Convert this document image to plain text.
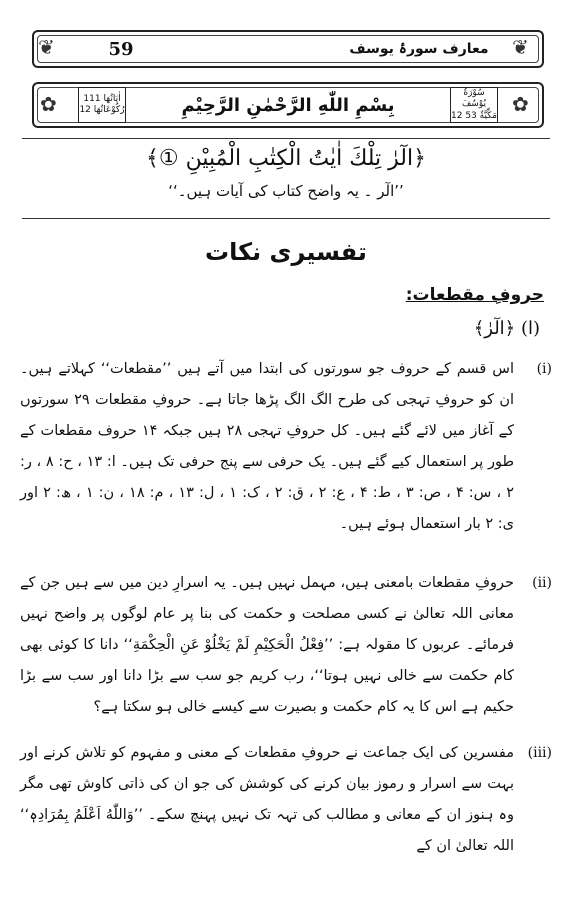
❦	❦
59	معارف سورۂ یوسف
✿	✿
اٰيَاتُهَا 111
رُكُوْعَاتُهَا 12	بِسْمِ اللّٰهِ الرَّحْمٰنِ الرَّحِيْمِ
سُوْرَةُ يُوْسُفَ
12 مَكِّيَّةٌ 53
﴿الٓرٰ تِلْكَ اٰيٰتُ الْكِتٰبِ الْمُبِيْنِ ①﴾
’’الٓر ۔ یہ واضح کتاب کی آیات ہیں۔‘‘
تفسیری نکات
حروفِ مقطعات:
(ا) ﴿الٓرٰ﴾
(i)
اس قسم کے حروف جو سورتوں کی ابتدا میں آتے ہیں ’’مقطعات‘‘ کہلاتے ہیں۔ ان کو حروفِ تہجی کی طرح الگ الگ پڑھا جاتا ہے۔ حروفِ مقطعات ۲۹ سورتوں کے آغاز میں لائے گئے ہیں۔ کل حروفِ تہجی ۲۸ ہیں جبکہ ۱۴ حروف مقطعات کے طور پر استعمال کیے گئے ہیں۔ یک حرفی سے پنج حرفی تک ہیں۔ ا: ۱۳ ، ح: ۸ ، ر: ۲ ، س: ۴ ، ص: ۳ ، ط: ۴ ، ع: ۲ ، ق: ۲ ، ک: ۱ ، ل: ۱۳ ، م: ۱۸ ، ن: ۱ ، ھ: ۲ اور ی: ۲ بار استعمال ہوئے ہیں۔
(ii)
حروفِ مقطعات بامعنی ہیں، مہمل نہیں ہیں۔ یہ اسرارِ دین میں سے ہیں جن کے معانی اللہ تعالیٰ نے کسی مصلحت و حکمت کی بنا پر عام لوگوں پر واضح نہیں فرمائے۔ عربوں کا مقولہ ہے: ’’فِعْلُ الْحَكِيْمِ لَمْ يَخْلُوْ عَنِ الْحِكْمَةِ‘‘ دانا کا کوئی بھی کام حکمت سے خالی نہیں ہوتا‘‘، رب کریم جو سب سے بڑا دانا اور سب سے بڑا حکیم ہے اس کا یہ کام حکمت و بصیرت سے کیسے خالی ہو سکتا ہے؟
(iii)
مفسرین کی ایک جماعت نے حروفِ مقطعات کے معنی و مفہوم کو تلاش کرنے اور بہت سے اسرار و رموز بیان کرنے کی کوشش کی جو ان کی ذاتی کاوش تھی مگر وہ ہنوز ان کے معانی و مطالب کی تہہ تک نہیں پہنچ سکے۔ ’’وَاللّٰهُ اَعْلَمُ بِمُرَادِهٖ‘‘ اللہ تعالیٰ ان کے
